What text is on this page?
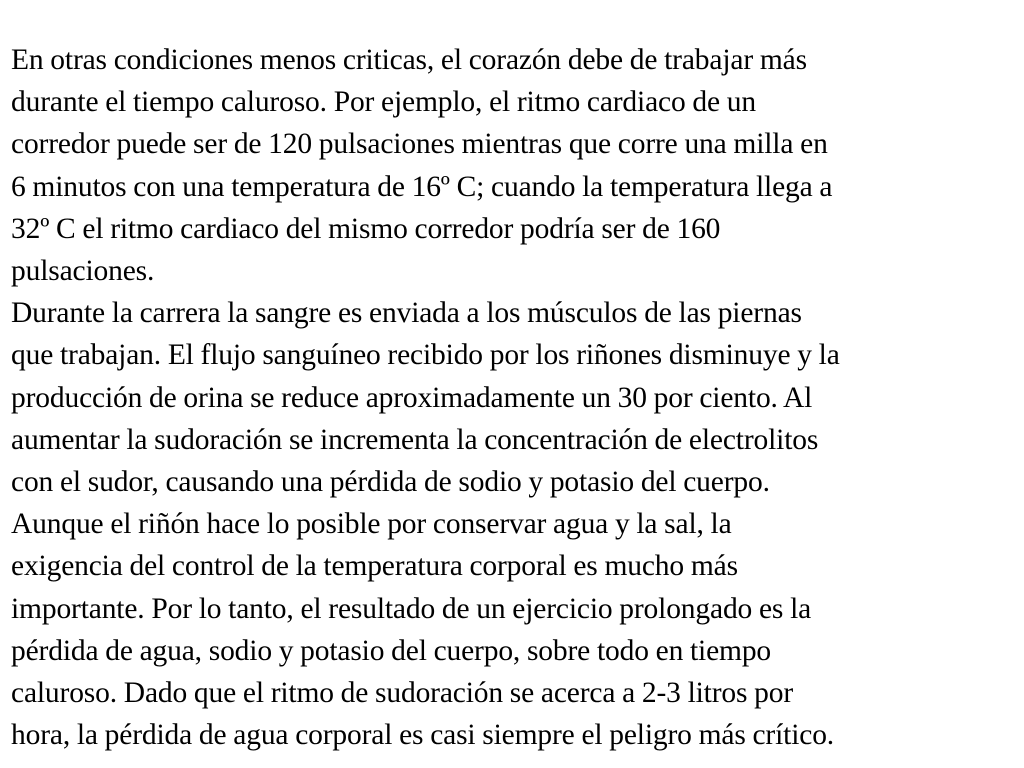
En otras condiciones menos criticas, el corazón debe de trabajar más
durante el tiempo caluroso. Por ejemplo, el ritmo cardiaco de un
corredor puede ser de 120 pulsaciones mientras que corre una milla en
6 minutos con una temperatura de 16º C; cuando la temperatura llega a
32º C el ritmo cardiaco del mismo corredor podría ser de 160
pulsaciones.
Durante la carrera la sangre es enviada a los músculos de las piernas
que trabajan. El flujo sanguíneo recibido por los riñones disminuye y la
producción de orina se reduce aproximadamente un 30 por ciento. Al
aumentar la sudoración se incrementa la concentración de electrolitos
con el sudor, causando una pérdida de sodio y potasio del cuerpo.
Aunque el riñón hace lo posible por conservar agua y la sal, la
exigencia del control de la temperatura corporal es mucho más
importante. Por lo tanto, el resultado de un ejercicio prolongado es la
pérdida de agua, sodio y potasio del cuerpo, sobre todo en tiempo
caluroso. Dado que el ritmo de sudoración se acerca a 2-3 litros por
hora, la pérdida de agua corporal es casi siempre el peligro más crítico.
